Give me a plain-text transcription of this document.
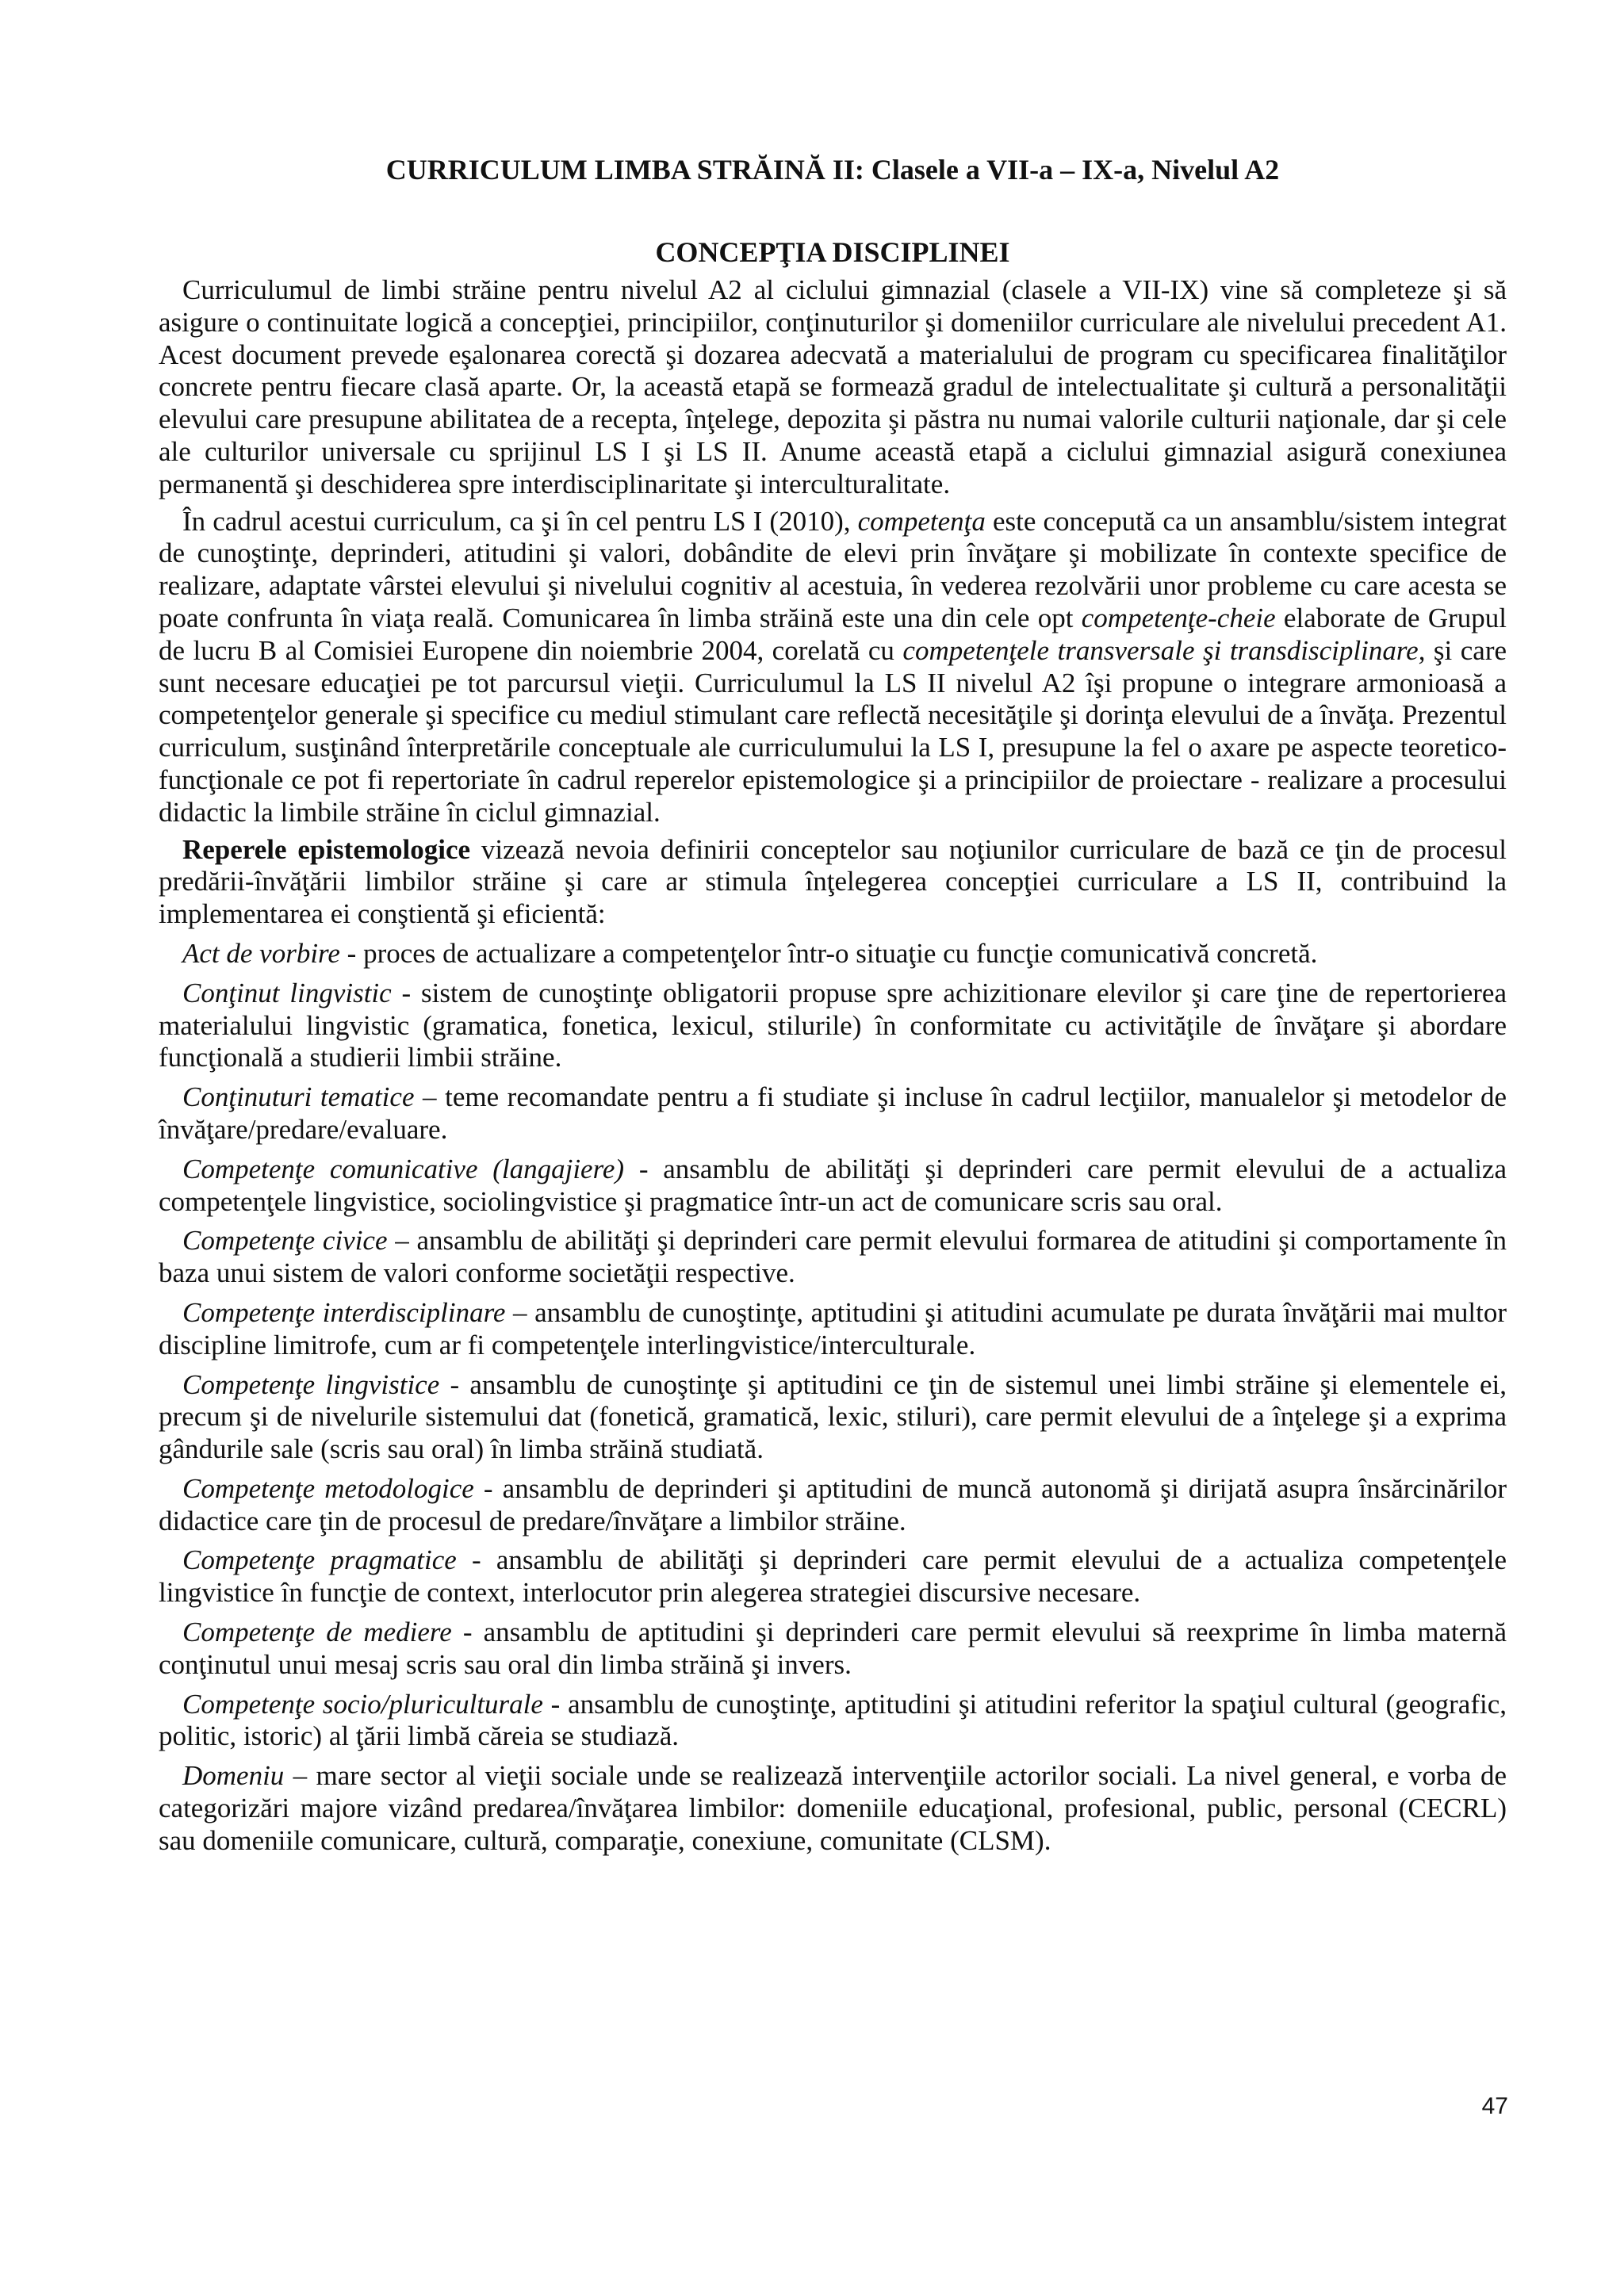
CURRICULUM LIMBA STRĂINĂ II: Clasele a VII-a – IX-a, Nivelul A2
CONCEPŢIA DISCIPLINEI

Curriculumul de limbi străine pentru nivelul A2 al ciclului gimnazial (clasele a VII-IX) vine să completeze şi să asigure o continuitate logică a concepţiei, principiilor, conţinuturilor şi domeniilor curriculare ale nivelului precedent A1. Acest document prevede eşalonarea corectă şi dozarea adecvată a materialului de program cu specificarea finalităţilor concrete pentru fiecare clasă aparte. Or, la această etapă se formează gradul de intelectualitate şi cultură a personalităţii elevului care presupune abilitatea de a recepta, înţelege, depozita şi păstra nu numai valorile culturii naţionale, dar şi cele ale culturilor universale cu sprijinul LS I şi LS II. Anume această etapă a ciclului gimnazial asigură conexiunea permanentă şi deschiderea spre interdisciplinaritate şi interculturalitate.

În cadrul acestui curriculum, ca şi în cel pentru LS I (2010), competenţa este concepută ca un ansamblu/sistem integrat de cunoştinţe, deprinderi, atitudini şi valori, dobândite de elevi prin învăţare şi mobilizate în contexte specifice de realizare, adaptate vârstei elevului şi nivelului cognitiv al acestuia, în vederea rezolvării unor probleme cu care acesta se poate confrunta în viaţa reală. Comunicarea în limba străină este una din cele opt competenţe-cheie elaborate de Grupul de lucru B al Comisiei Europene din noiembrie 2004, corelată cu competenţele transversale şi transdisciplinare, şi care sunt necesare educaţiei pe tot parcursul vieţii. Curriculumul la LS II nivelul A2 îşi propune o integrare armonioasă a competenţelor generale şi specifice cu mediul stimulant care reflectă necesităţile şi dorinţa elevului de a învăţa. Prezentul curriculum, susţinând înterpretările conceptuale ale curriculumului la LS I, presupune la fel o axare pe aspecte teoretico-funcţionale ce pot fi repertoriate în cadrul reperelor epistemologice şi a principiilor de proiectare - realizare a procesului didactic la limbile străine în ciclul gimnazial.

Reperele epistemologice vizează nevoia definirii conceptelor sau noţiunilor curriculare de bază ce ţin de procesul predării-învăţării limbilor străine şi care ar stimula înţelegerea concepţiei curriculare a LS II, contribuind la implementarea ei conştientă şi eficientă:

Act de vorbire - proces de actualizare a competenţelor într-o situaţie cu funcţie comunicativă concretă.

Conţinut lingvistic - sistem de cunoştinţe obligatorii propuse spre achizitionare elevilor şi care ţine de repertorierea materialului lingvistic (gramatica, fonetica, lexicul, stilurile) în conformitate cu activităţile de învăţare şi abordare funcţională a studierii limbii străine.

Conţinuturi tematice – teme recomandate pentru a fi studiate şi incluse în cadrul lecţiilor, manualelor şi metodelor de învăţare/predare/evaluare.

Competenţe comunicative (langajiere) - ansamblu de abilităţi şi deprinderi care permit elevului de a actualiza competenţele lingvistice, sociolingvistice şi pragmatice într-un act de comunicare scris sau oral.

Competenţe civice – ansamblu de abilităţi şi deprinderi care permit elevului formarea de atitudini şi comportamente în baza unui sistem de valori conforme societăţii respective.

Competenţe interdisciplinare – ansamblu de cunoştinţe, aptitudini şi atitudini acumulate pe durata învăţării mai multor discipline limitrofe, cum ar fi competenţele interlingvistice/interculturale.

Competenţe lingvistice - ansamblu de cunoştinţe şi aptitudini ce ţin de sistemul unei limbi străine şi elementele ei, precum şi de nivelurile sistemului dat (fonetică, gramatică, lexic, stiluri), care permit elevului de a înţelege şi a exprima gândurile sale (scris sau oral) în limba străină studiată.

Competenţe metodologice - ansamblu de deprinderi şi aptitudini de muncă autonomă şi dirijată asupra însărcinărilor didactice care ţin de procesul de predare/învăţare a limbilor străine.

Competenţe pragmatice - ansamblu de abilităţi şi deprinderi care permit elevului de a actualiza competenţele lingvistice în funcţie de context, interlocutor prin alegerea strategiei discursive necesare.

Competenţe de mediere - ansamblu de aptitudini şi deprinderi care permit elevului să reexprime în limba maternă conţinutul unui mesaj scris sau oral din limba străină şi invers.

Competenţe socio/pluriculturale - ansamblu de cunoştinţe, aptitudini şi atitudini referitor la spaţiul cultural (geografic, politic, istoric) al ţării limbă căreia se studiază.

Domeniu – mare sector al vieţii sociale unde se realizează intervenţiile actorilor sociali. La nivel general, e vorba de categorizări majore vizând predarea/învăţarea limbilor: domeniile educaţional, profesional, public, personal (CECRL) sau domeniile comunicare, cultură, comparaţie, conexiune, comunitate (CLSM).

47
